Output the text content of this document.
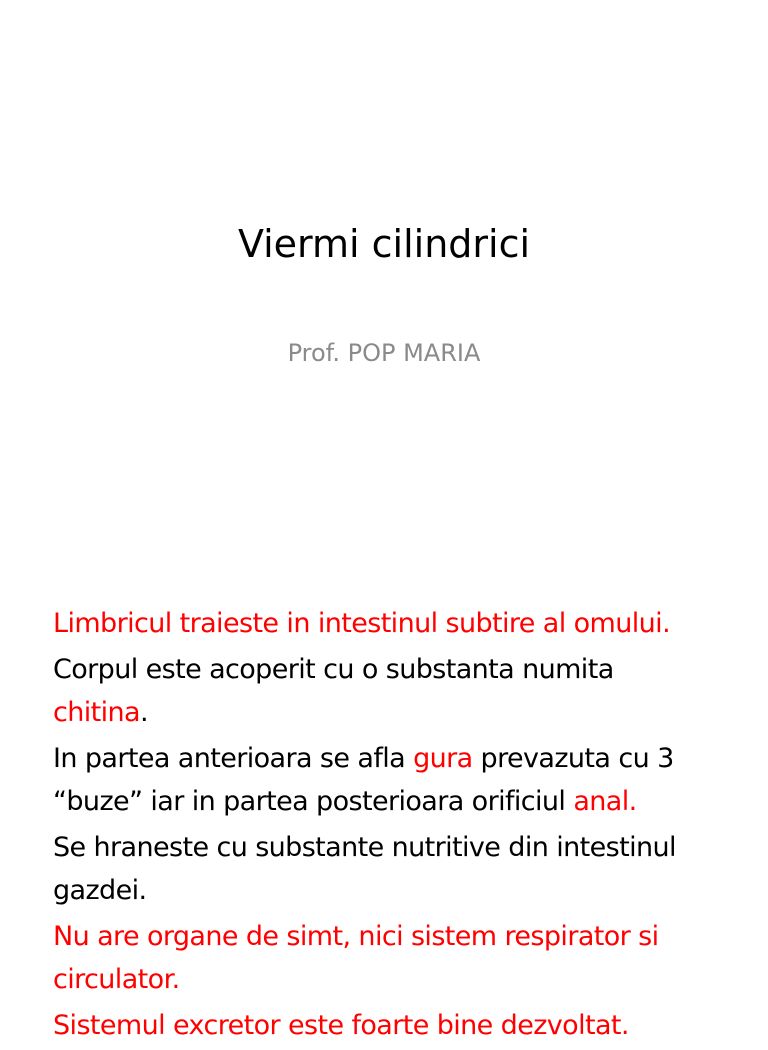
Viermi cilindrici
Prof. POP MARIA
Limbricul traieste in intestinul subtire al omului.
Corpul este acoperit cu o substanta numita
chitina.
In partea anterioara se afla gura prevazuta cu 3
“buze” iar in partea posterioara orificiul anal.
Se hraneste cu substante nutritive din intestinul
gazdei.
Nu are organe de simt, nici sistem respirator si
circulator.
Sistemul excretor este foarte bine dezvoltat.
